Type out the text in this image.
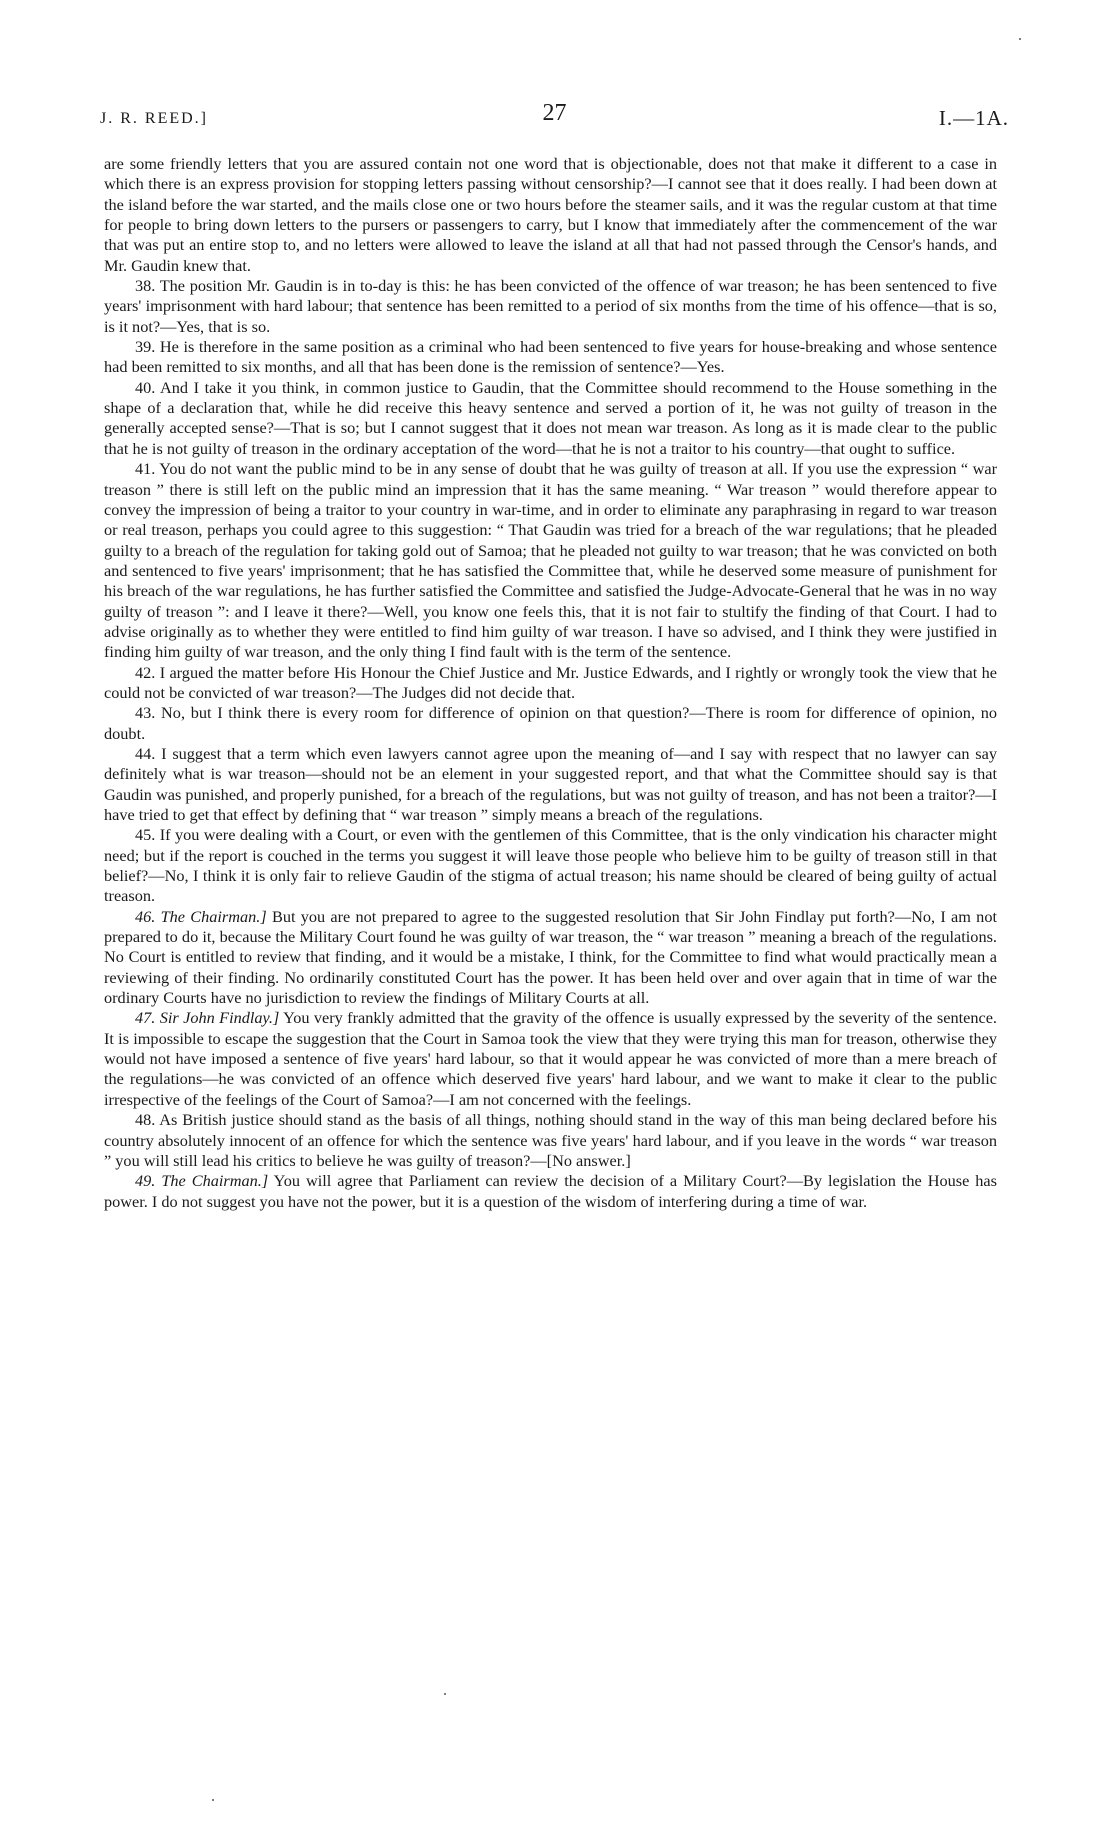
J. R. REED.]	27	I.—1A.

are some friendly letters that you are assured contain not one word that is objectionable, does not that make it different to a case in which there is an express provision for stopping letters passing without censorship?—I cannot see that it does really. I had been down at the island before the war started, and the mails close one or two hours before the steamer sails, and it was the regular custom at that time for people to bring down letters to the pursers or passengers to carry, but I know that immediately after the commencement of the war that was put an entire stop to, and no letters were allowed to leave the island at all that had not passed through the Censor's hands, and Mr. Gaudin knew that.

38. The position Mr. Gaudin is in to-day is this: he has been convicted of the offence of war treason; he has been sentenced to five years' imprisonment with hard labour; that sentence has been remitted to a period of six months from the time of his offence—that is so, is it not?—Yes, that is so.

39. He is therefore in the same position as a criminal who had been sentenced to five years for house-breaking and whose sentence had been remitted to six months, and all that has been done is the remission of sentence?—Yes.

40. And I take it you think, in common justice to Gaudin, that the Committee should recommend to the House something in the shape of a declaration that, while he did receive this heavy sentence and served a portion of it, he was not guilty of treason in the generally accepted sense?—That is so; but I cannot suggest that it does not mean war treason. As long as it is made clear to the public that he is not guilty of treason in the ordinary acceptation of the word—that he is not a traitor to his country—that ought to suffice.

41. You do not want the public mind to be in any sense of doubt that he was guilty of treason at all. If you use the expression “ war treason ” there is still left on the public mind an impression that it has the same meaning. “ War treason ” would therefore appear to convey the impression of being a traitor to your country in war-time, and in order to eliminate any paraphrasing in regard to war treason or real treason, perhaps you could agree to this suggestion: “ That Gaudin was tried for a breach of the war regulations; that he pleaded guilty to a breach of the regulation for taking gold out of Samoa; that he pleaded not guilty to war treason; that he was convicted on both and sentenced to five years' imprisonment; that he has satisfied the Committee that, while he deserved some measure of punishment for his breach of the war regulations, he has further satisfied the Committee and satisfied the Judge-Advocate-General that he was in no way guilty of treason ”: and I leave it there?—Well, you know one feels this, that it is not fair to stultify the finding of that Court. I had to advise originally as to whether they were entitled to find him guilty of war treason. I have so advised, and I think they were justified in finding him guilty of war treason, and the only thing I find fault with is the term of the sentence.

42. I argued the matter before His Honour the Chief Justice and Mr. Justice Edwards, and I rightly or wrongly took the view that he could not be convicted of war treason?—The Judges did not decide that.

43. No, but I think there is every room for difference of opinion on that question?—There is room for difference of opinion, no doubt.

44. I suggest that a term which even lawyers cannot agree upon the meaning of—and I say with respect that no lawyer can say definitely what is war treason—should not be an element in your suggested report, and that what the Committee should say is that Gaudin was punished, and properly punished, for a breach of the regulations, but was not guilty of treason, and has not been a traitor?—I have tried to get that effect by defining that “ war treason ” simply means a breach of the regulations.

45. If you were dealing with a Court, or even with the gentlemen of this Committee, that is the only vindication his character might need; but if the report is couched in the terms you suggest it will leave those people who believe him to be guilty of treason still in that belief?—No, I think it is only fair to relieve Gaudin of the stigma of actual treason; his name should be cleared of being guilty of actual treason.

46. The Chairman.] But you are not prepared to agree to the suggested resolution that Sir John Findlay put forth?—No, I am not prepared to do it, because the Military Court found he was guilty of war treason, the “ war treason ” meaning a breach of the regulations. No Court is entitled to review that finding, and it would be a mistake, I think, for the Committee to find what would practically mean a reviewing of their finding. No ordinarily constituted Court has the power. It has been held over and over again that in time of war the ordinary Courts have no jurisdiction to review the findings of Military Courts at all.

47. Sir John Findlay.] You very frankly admitted that the gravity of the offence is usually expressed by the severity of the sentence. It is impossible to escape the suggestion that the Court in Samoa took the view that they were trying this man for treason, otherwise they would not have imposed a sentence of five years' hard labour, so that it would appear he was convicted of more than a mere breach of the regulations—he was convicted of an offence which deserved five years' hard labour, and we want to make it clear to the public irrespective of the feelings of the Court of Samoa?—I am not concerned with the feelings.

48. As British justice should stand as the basis of all things, nothing should stand in the way of this man being declared before his country absolutely innocent of an offence for which the sentence was five years' hard labour, and if you leave in the words “ war treason ” you will still lead his critics to believe he was guilty of treason?—[No answer.]

49. The Chairman.] You will agree that Parliament can review the decision of a Military Court?—By legislation the House has power. I do not suggest you have not the power, but it is a question of the wisdom of interfering during a time of war.
